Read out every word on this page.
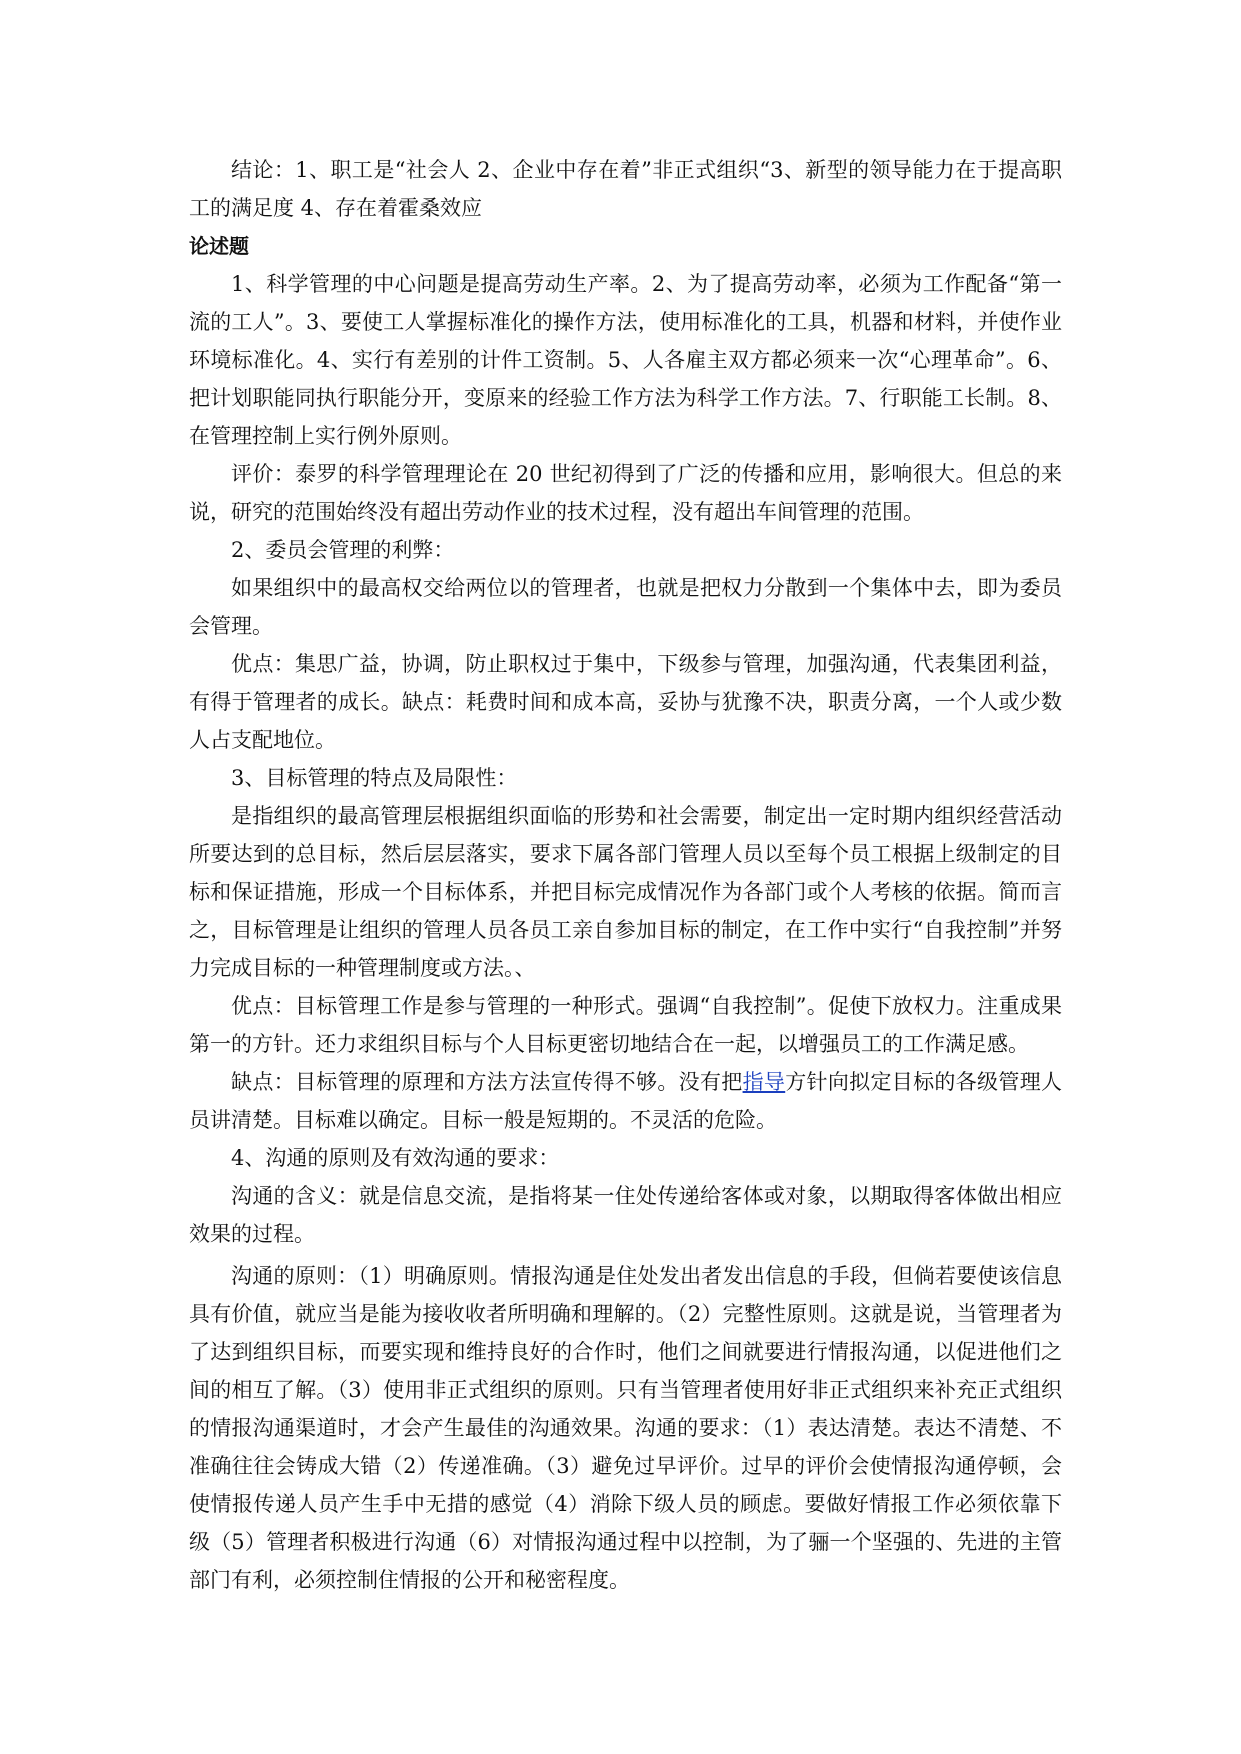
结论：1、职工是“社会人 2、企业中存在着”非正式组织“3、新型的领导能力在于提高职工的满足度 4、存在着霍桑效应

论述题

1、科学管理的中心问题是提高劳动生产率。2、为了提高劳动率，必须为工作配备“第一流的工人”。3、要使工人掌握标准化的操作方法，使用标准化的工具，机器和材料，并使作业环境标准化。4、实行有差别的计件工资制。5、人各雇主双方都必须来一次“心理革命”。6、把计划职能同执行职能分开，变原来的经验工作方法为科学工作方法。7、行职能工长制。8、在管理控制上实行例外原则。

评价：泰罗的科学管理理论在 20 世纪初得到了广泛的传播和应用，影响很大。但总的来说，研究的范围始终没有超出劳动作业的技术过程，没有超出车间管理的范围。

2、委员会管理的利弊：

如果组织中的最高权交给两位以的管理者，也就是把权力分散到一个集体中去，即为委员会管理。

优点：集思广益，协调，防止职权过于集中，下级参与管理，加强沟通，代表集团利益，有得于管理者的成长。缺点：耗费时间和成本高，妥协与犹豫不决，职责分离，一个人或少数人占支配地位。

3、目标管理的特点及局限性：

是指组织的最高管理层根据组织面临的形势和社会需要，制定出一定时期内组织经营活动所要达到的总目标，然后层层落实，要求下属各部门管理人员以至每个员工根据上级制定的目标和保证措施，形成一个目标体系，并把目标完成情况作为各部门或个人考核的依据。简而言之，目标管理是让组织的管理人员各员工亲自参加目标的制定，在工作中实行“自我控制”并努力完成目标的一种管理制度或方法。、

优点：目标管理工作是参与管理的一种形式。强调“自我控制”。促使下放权力。注重成果第一的方针。还力求组织目标与个人目标更密切地结合在一起，以增强员工的工作满足感。

缺点：目标管理的原理和方法方法宣传得不够。没有把指导方针向拟定目标的各级管理人员讲清楚。目标难以确定。目标一般是短期的。不灵活的危险。

4、沟通的原则及有效沟通的要求：

沟通的含义：就是信息交流，是指将某一住处传递给客体或对象，以期取得客体做出相应效果的过程。

沟通的原则：（1）明确原则。情报沟通是住处发出者发出信息的手段，但倘若要使该信息具有价值，就应当是能为接收收者所明确和理解的。（2）完整性原则。这就是说，当管理者为了达到组织目标，而要实现和维持良好的合作时，他们之间就要进行情报沟通，以促进他们之间的相互了解。（3）使用非正式组织的原则。只有当管理者使用好非正式组织来补充正式组织的情报沟通渠道时，才会产生最佳的沟通效果。沟通的要求：（1）表达清楚。表达不清楚、不准确往往会铸成大错（2）传递准确。（3）避免过早评价。过早的评价会使情报沟通停顿，会使情报传递人员产生手中无措的感觉（4）消除下级人员的顾虑。要做好情报工作必须依靠下级（5）管理者积极进行沟通（6）对情报沟通过程中以控制，为了骊一个坚强的、先进的主管部门有利，必须控制住情报的公开和秘密程度。
